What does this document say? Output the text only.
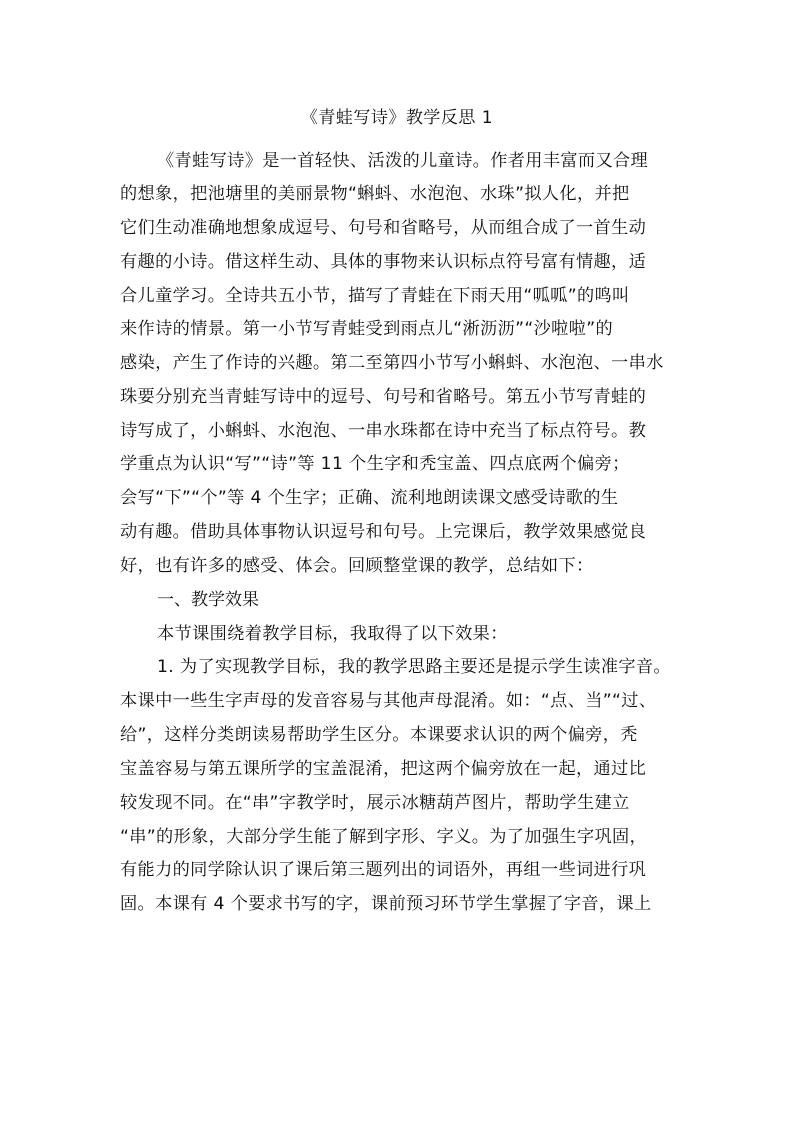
《青蛙写诗》教学反思 1
《青蛙写诗》是一首轻快、活泼的儿童诗。作者用丰富而又合理
的想象，把池塘里的美丽景物“蝌蚪、水泡泡、水珠”拟人化，并把
它们生动准确地想象成逗号、句号和省略号，从而组合成了一首生动
有趣的小诗。借这样生动、具体的事物来认识标点符号富有情趣，适
合儿童学习。全诗共五小节，描写了青蛙在下雨天用“呱呱”的鸣叫
来作诗的情景。第一小节写青蛙受到雨点儿“淅沥沥”“沙啦啦”的
感染，产生了作诗的兴趣。第二至第四小节写小蝌蚪、水泡泡、一串水
珠要分别充当青蛙写诗中的逗号、句号和省略号。第五小节写青蛙的
诗写成了，小蝌蚪、水泡泡、一串水珠都在诗中充当了标点符号。教
学重点为认识“写”“诗”等 11 个生字和秃宝盖、四点底两个偏旁；
会写“下”“个”等 4 个生字；正确、流利地朗读课文感受诗歌的生
动有趣。借助具体事物认识逗号和句号。上完课后，教学效果感觉良
好，也有许多的感受、体会。回顾整堂课的教学，总结如下：
一、教学效果
本节课围绕着教学目标，我取得了以下效果：
1. 为了实现教学目标，我的教学思路主要还是提示学生读准字音。
本课中一些生字声母的发音容易与其他声母混淆。如：“点、当”“过、
给”，这样分类朗读易帮助学生区分。本课要求认识的两个偏旁，秃
宝盖容易与第五课所学的宝盖混淆，把这两个偏旁放在一起，通过比
较发现不同。在“串”字教学时，展示冰糖葫芦图片，帮助学生建立
“串”的形象，大部分学生能了解到字形、字义。为了加强生字巩固，
有能力的同学除认识了课后第三题列出的词语外，再组一些词进行巩
固。本课有 4 个要求书写的字，课前预习环节学生掌握了字音，课上
